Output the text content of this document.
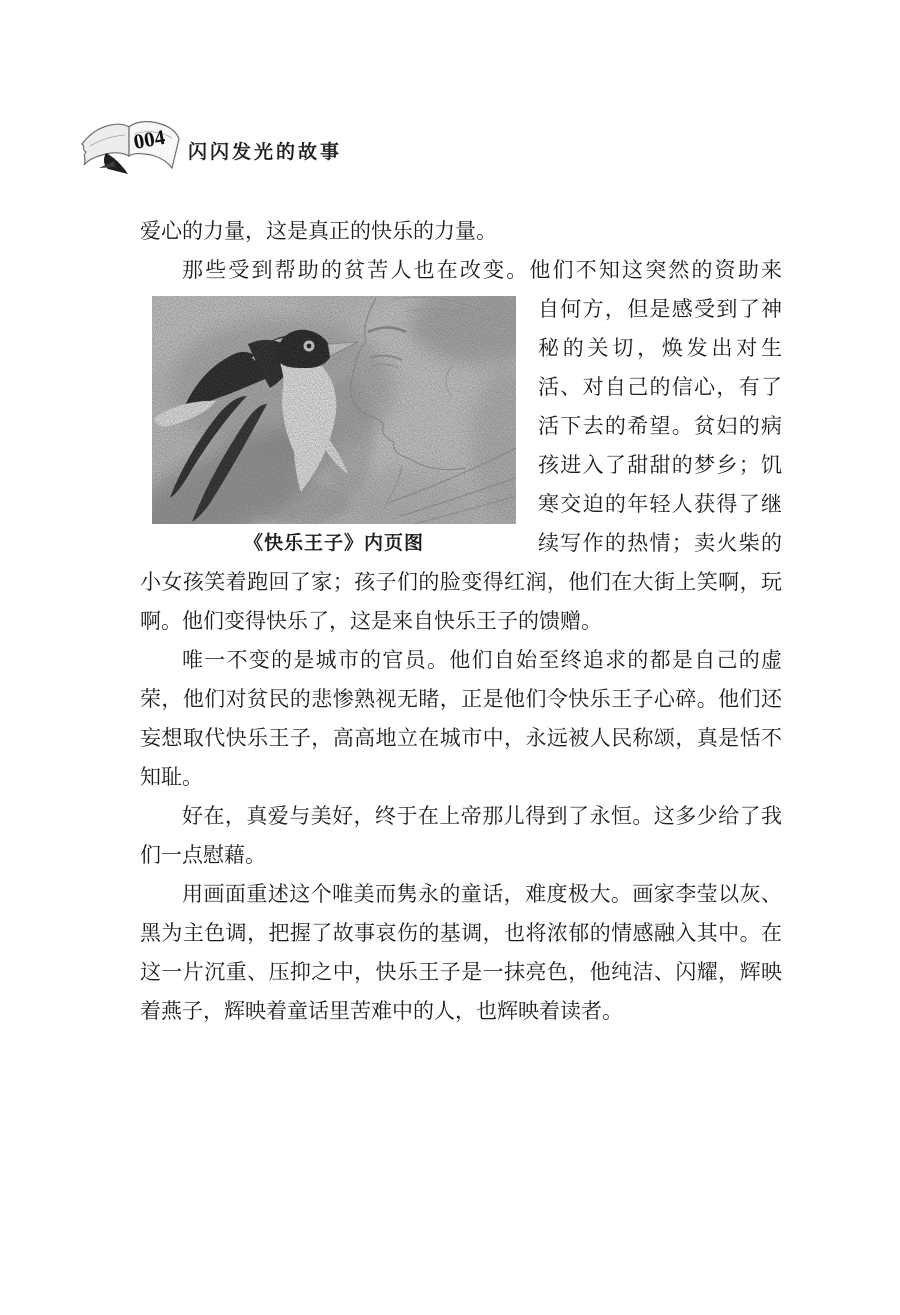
004 闪闪发光的故事

爱心的力量，这是真正的快乐的力量。

那些受到帮助的贫苦人也在改变。他们不知这突然的资助来

《快乐王子》内页图
自何方，但是感受到了神秘的关切，焕发出对生活、对自己的信心，有了活下去的希望。贫妇的病孩进入了甜甜的梦乡；饥寒交迫的年轻人获得了继续写作的热情；卖火柴的小女孩笑着跑回了家；孩子们的脸变得红润，他们在大街上笑啊，玩啊。他们变得快乐了，这是来自快乐王子的馈赠。

唯一不变的是城市的官员。他们自始至终追求的都是自己的虚荣，他们对贫民的悲惨熟视无睹，正是他们令快乐王子心碎。他们还妄想取代快乐王子，高高地立在城市中，永远被人民称颂，真是恬不知耻。

好在，真爱与美好，终于在上帝那儿得到了永恒。这多少给了我们一点慰藉。

用画面重述这个唯美而隽永的童话，难度极大。画家李莹以灰、黑为主色调，把握了故事哀伤的基调，也将浓郁的情感融入其中。在这一片沉重、压抑之中，快乐王子是一抹亮色，他纯洁、闪耀，辉映着燕子，辉映着童话里苦难中的人，也辉映着读者。
